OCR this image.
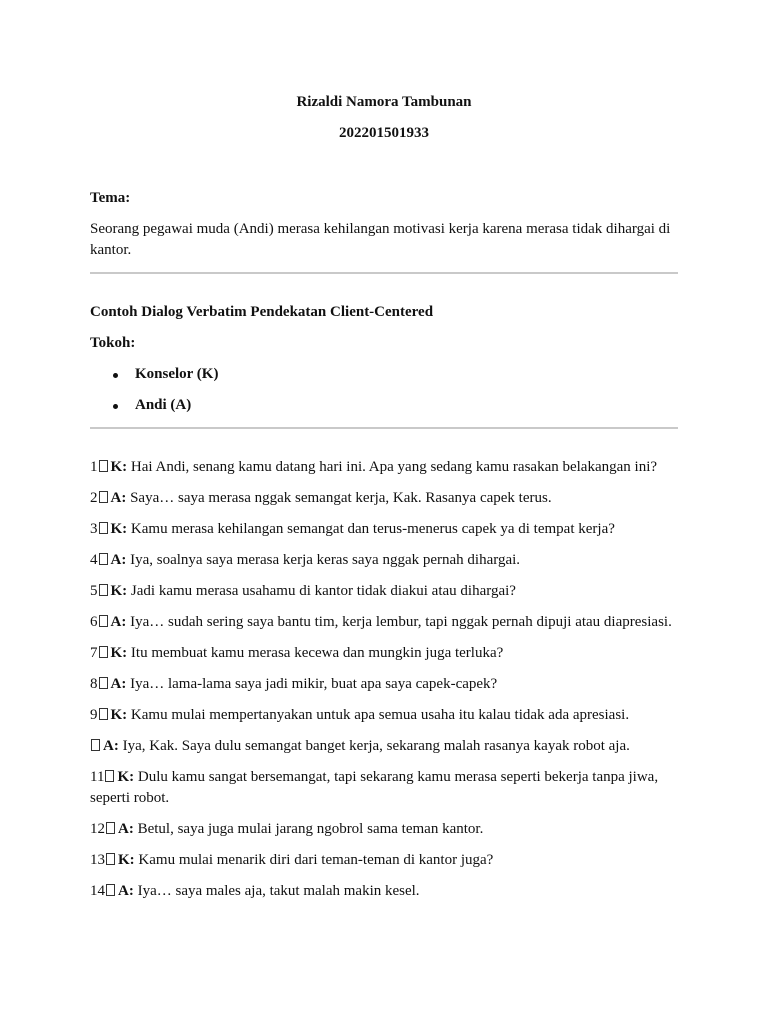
Rizaldi Namora Tambunan
202201501933
Tema:
Seorang pegawai muda (Andi) merasa kehilangan motivasi kerja karena merasa tidak dihargai di kantor.
Contoh Dialog Verbatim Pendekatan Client-Centered
Tokoh:
Konselor (K)
Andi (A)
1 K: Hai Andi, senang kamu datang hari ini. Apa yang sedang kamu rasakan belakangan ini?
2 A: Saya… saya merasa nggak semangat kerja, Kak. Rasanya capek terus.
3 K: Kamu merasa kehilangan semangat dan terus-menerus capek ya di tempat kerja?
4 A: Iya, soalnya saya merasa kerja keras saya nggak pernah dihargai.
5 K: Jadi kamu merasa usahamu di kantor tidak diakui atau dihargai?
6 A: Iya… sudah sering saya bantu tim, kerja lembur, tapi nggak pernah dipuji atau diapresiasi.
7 K: Itu membuat kamu merasa kecewa dan mungkin juga terluka?
8 A: Iya… lama-lama saya jadi mikir, buat apa saya capek-capek?
9 K: Kamu mulai mempertanyakan untuk apa semua usaha itu kalau tidak ada apresiasi.
A: Iya, Kak. Saya dulu semangat banget kerja, sekarang malah rasanya kayak robot aja.
11 K: Dulu kamu sangat bersemangat, tapi sekarang kamu merasa seperti bekerja tanpa jiwa, seperti robot.
12 A: Betul, saya juga mulai jarang ngobrol sama teman kantor.
13 K: Kamu mulai menarik diri dari teman-teman di kantor juga?
14 A: Iya… saya males aja, takut malah makin kesel.
